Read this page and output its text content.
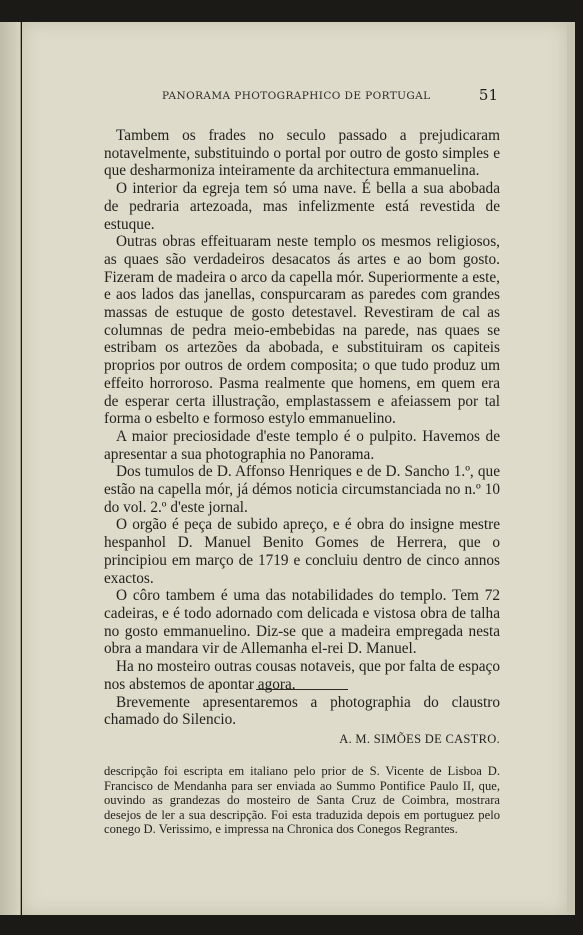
PANORAMA PHOTOGRAPHICO DE PORTUGAL	51

Tambem os frades no seculo passado a prejudicaram notavelmente, substituindo o portal por outro de gosto simples e que desharmoniza inteiramente da architectura emmanuelina.

O interior da egreja tem só uma nave. É bella a sua abobada de pedraria artezoada, mas infelizmente está revestida de estuque.

Outras obras effeituaram neste templo os mesmos religiosos, as quaes são verdadeiros desacatos ás artes e ao bom gosto. Fizeram de madeira o arco da capella mór. Superiormente a este, e aos lados das janellas, conspurcaram as paredes com grandes massas de estuque de gosto detestavel. Revestiram de cal as columnas de pedra meio-embebidas na parede, nas quaes se estribam os artezões da abobada, e substituiram os capiteis proprios por outros de ordem composita; o que tudo produz um effeito horroroso. Pasma realmente que homens, em quem era de esperar certa illustração, emplastassem e afeiassem por tal forma o esbelto e formoso estylo emmanuelino.

A maior preciosidade d'este templo é o pulpito. Havemos de apresentar a sua photographia no Panorama.

Dos tumulos de D. Affonso Henriques e de D. Sancho 1.º, que estão na capella mór, já démos noticia circumstanciada no n.º 10 do vol. 2.º d'este jornal.

O orgão é peça de subido apreço, e é obra do insigne mestre hespanhol D. Manuel Benito Gomes de Herrera, que o principiou em março de 1719 e concluiu dentro de cinco annos exactos.

O côro tambem é uma das notabilidades do templo. Tem 72 cadeiras, e é todo adornado com delicada e vistosa obra de talha no gosto emmanuelino. Diz-se que a madeira empregada nesta obra a mandara vir de Allemanha el-rei D. Manuel.

Ha no mosteiro outras cousas notaveis, que por falta de espaço nos abstemos de apontar agora.

Brevemente apresentaremos a photographia do claustro chamado do Silencio.

A. M. SIMÕES DE CASTRO.

descripção foi escripta em italiano pelo prior de S. Vicente de Lisboa D. Francisco de Mendanha para ser enviada ao Summo Pontifice Paulo II, que, ouvindo as grandezas do mosteiro de Santa Cruz de Coimbra, mostrara desejos de ler a sua descripção. Foi esta traduzida depois em portuguez pelo conego D. Verissimo, e impressa na Chronica dos Conegos Regrantes.
